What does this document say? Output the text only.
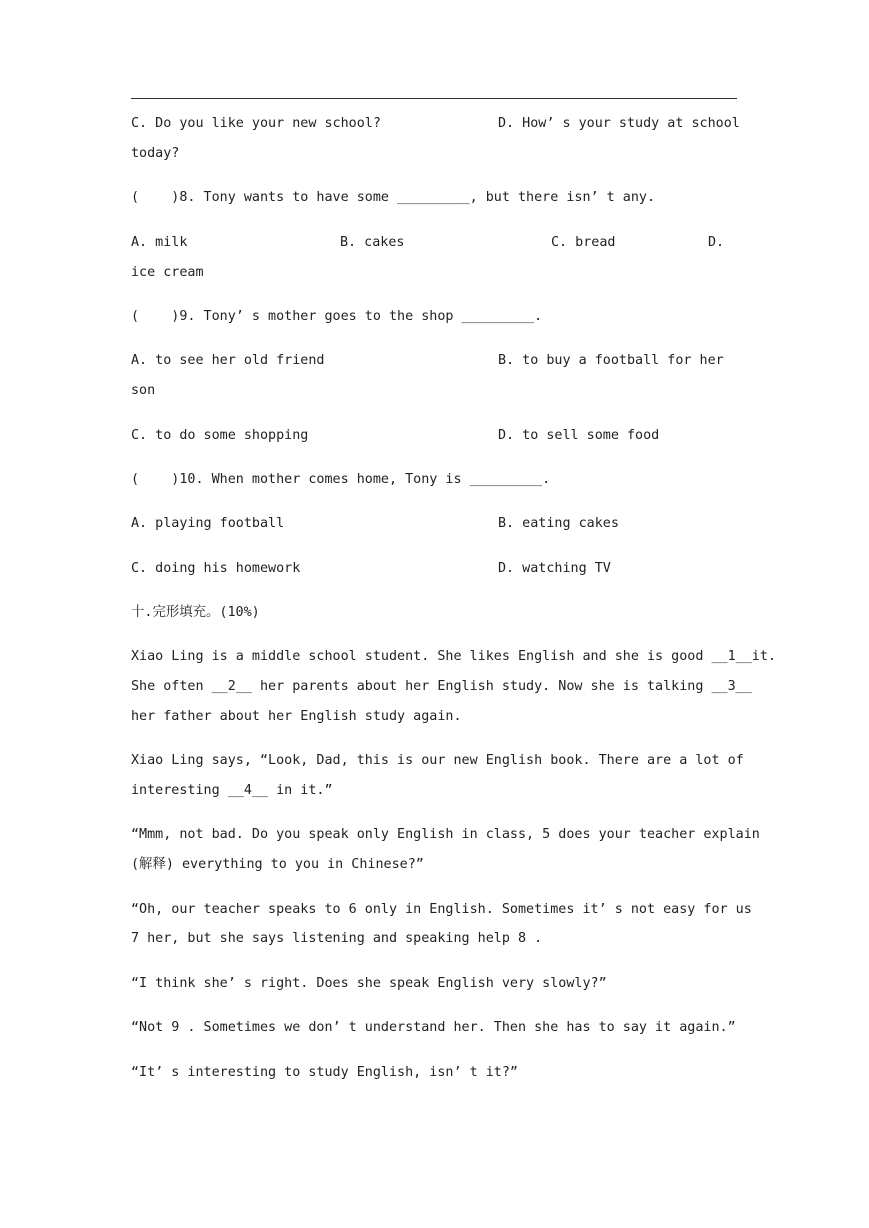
C. Do you like your new school?	D. How’ s your study at school
today?
(    )8. Tony wants to have some _________, but there isn’ t any.
A. milk	B. cakes	C. bread	D.
ice cream
(    )9. Tony’ s mother goes to the shop _________.
A. to see her old friend	B. to buy a football for her
son
C. to do some shopping	D. to sell some food
(    )10. When mother comes home, Tony is _________.
A. playing football	B. eating cakes
C. doing his homework	D. watching TV
十.完形填充。(10%)
Xiao Ling is a middle school student. She likes English and she is good __1__it.
She often __2__ her parents about her English study. Now she is talking __3__
her father about her English study again.
Xiao Ling says, “Look, Dad, this is our new English book. There are a lot of
interesting __4__ in it.”
“Mmm, not bad. Do you speak only English in class, 5 does your teacher explain
(解释) everything to you in Chinese?”
“Oh, our teacher speaks to 6 only in English. Sometimes it’ s not easy for us
7 her, but she says listening and speaking help 8 .
“I think she’ s right. Does she speak English very slowly?”
“Not 9 . Sometimes we don’ t understand her. Then she has to say it again.”
“It’ s interesting to study English, isn’ t it?”
